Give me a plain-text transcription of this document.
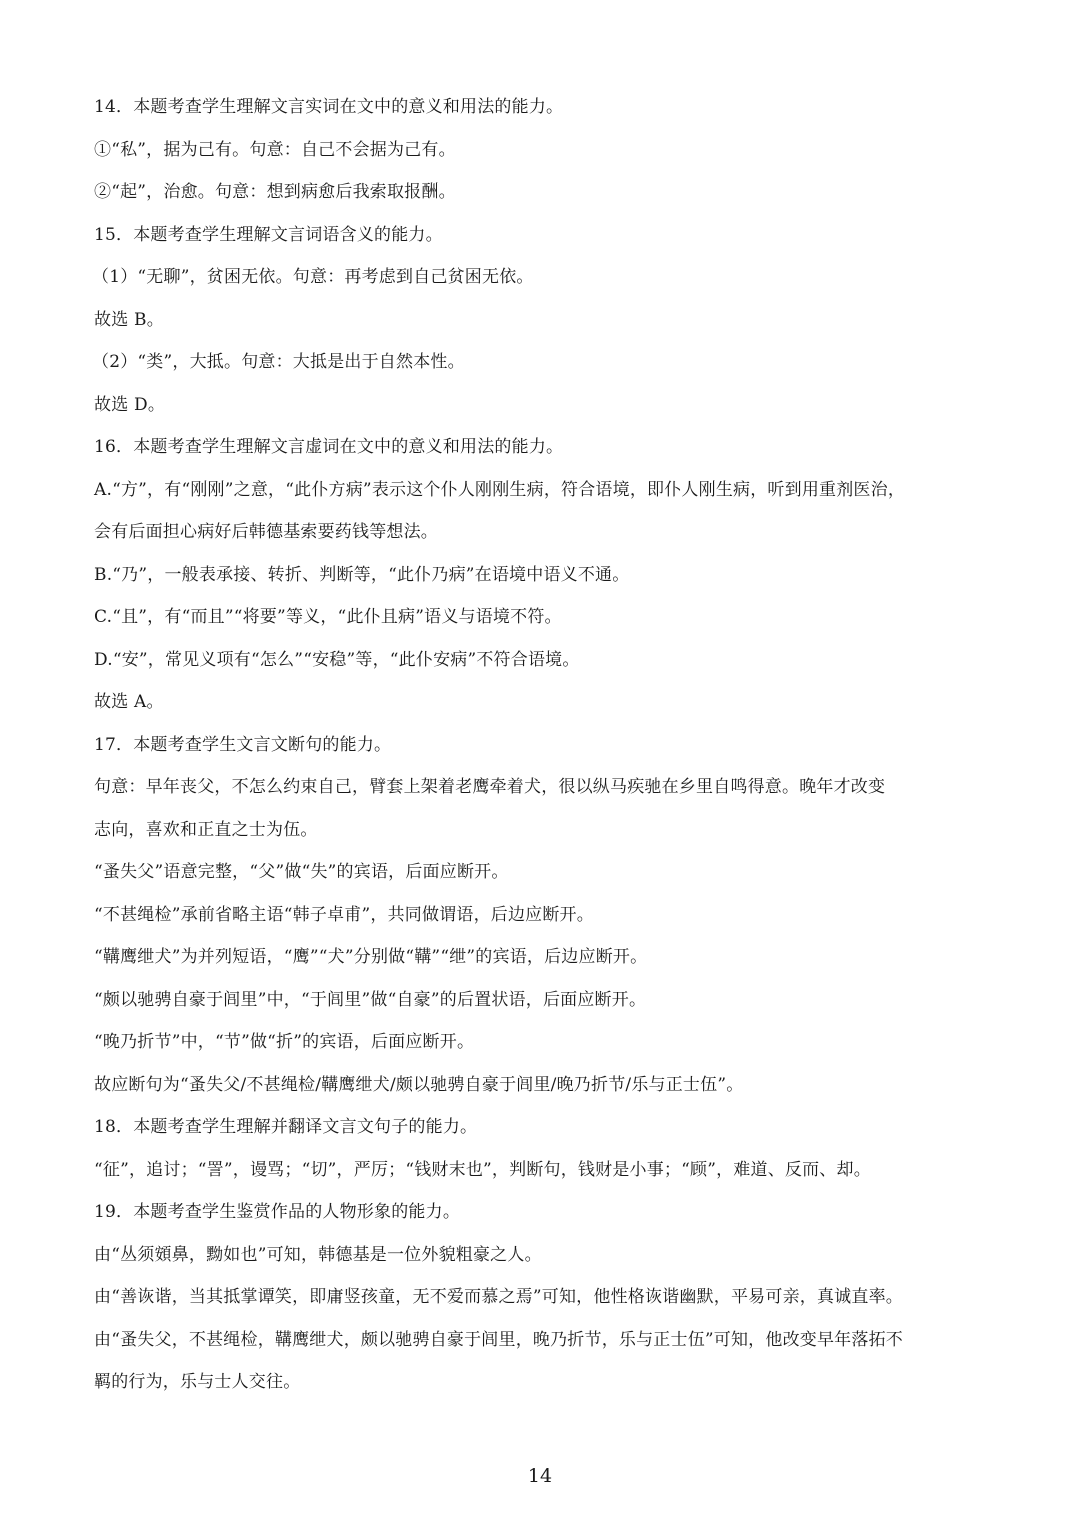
14．本题考查学生理解文言实词在文中的意义和用法的能力。
①“私”，据为己有。句意：自己不会据为己有。
②“起”，治愈。句意：想到病愈后我索取报酬。
15．本题考查学生理解文言词语含义的能力。
（1）“无聊”，贫困无依。句意：再考虑到自己贫困无依。
故选 B。
（2）“类”，大抵。句意：大抵是出于自然本性。
故选 D。
16．本题考查学生理解文言虚词在文中的意义和用法的能力。
A.“方”，有“刚刚”之意，“此仆方病”表示这个仆人刚刚生病，符合语境，即仆人刚生病，听到用重剂医治，
会有后面担心病好后韩德基索要药钱等想法。
B.“乃”，一般表承接、转折、判断等，“此仆乃病”在语境中语义不通。
C.“且”，有“而且”“将要”等义，“此仆且病”语义与语境不符。
D.“安”，常见义项有“怎么”“安稳”等，“此仆安病”不符合语境。
故选 A。
17．本题考查学生文言文断句的能力。
句意：早年丧父，不怎么约束自己，臂套上架着老鹰牵着犬，很以纵马疾驰在乡里自鸣得意。晚年才改变
志向，喜欢和正直之士为伍。
“蚤失父”语意完整，“父”做“失”的宾语，后面应断开。
“不甚绳检”承前省略主语“韩子卓甫”，共同做谓语，后边应断开。
“鞲鹰绁犬”为并列短语，“鹰”“犬”分别做“鞲”“绁”的宾语，后边应断开。
“颇以驰骋自豪于闾里”中，“于闾里”做“自豪”的后置状语，后面应断开。
“晚乃折节”中，“节”做“折”的宾语，后面应断开。
故应断句为“蚤失父/不甚绳检/鞲鹰绁犬/颇以驰骋自豪于闾里/晚乃折节/乐与正士伍”。
18．本题考查学生理解并翻译文言文句子的能力。
“征”，追讨；“詈”，谩骂；“切”，严厉；“钱财末也”，判断句，钱财是小事；“顾”，难道、反而、却。
19．本题考查学生鉴赏作品的人物形象的能力。
由“丛须頞鼻，黝如也”可知，韩德基是一位外貌粗豪之人。
由“善诙谐，当其抵掌谭笑，即庸竖孩童，无不爱而慕之焉”可知，他性格诙谐幽默，平易可亲，真诚直率。
由“蚤失父，不甚绳检，鞲鹰绁犬，颇以驰骋自豪于闾里，晚乃折节，乐与正士伍”可知，他改变早年落拓不
羁的行为，乐与士人交往。
14
